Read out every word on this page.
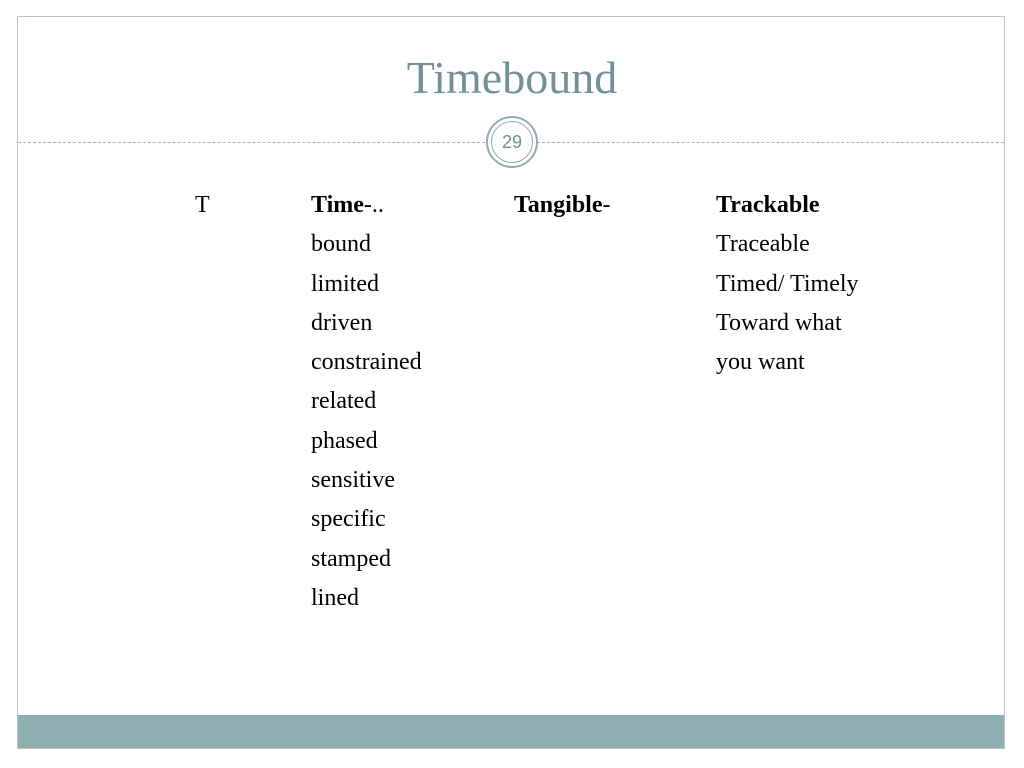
Timebound
29
T	Time-..
bound
limited
driven
constrained
related
phased
sensitive
specific
stamped
lined
Tangible-	Trackable
Traceable
Timed/ Timely
Toward what
you want
